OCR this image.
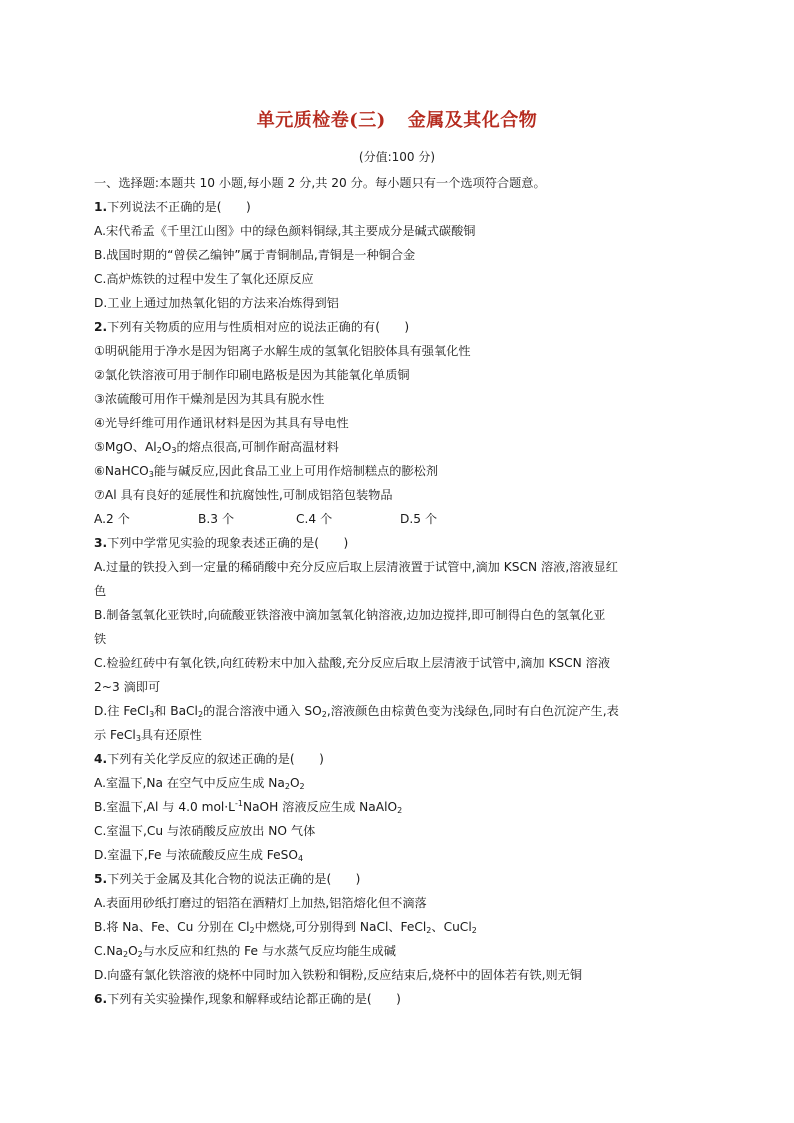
单元质检卷(三) 金属及其化合物
(分值:100 分)
一、选择题:本题共 10 小题,每小题 2 分,共 20 分。每小题只有一个选项符合题意。
1.下列说法不正确的是(　　)
A.宋代希孟《千里江山图》中的绿色颜料铜绿,其主要成分是碱式碳酸铜
B.战国时期的“曾侯乙编钟”属于青铜制品,青铜是一种铜合金
C.高炉炼铁的过程中发生了氧化还原反应
D.工业上通过加热氧化铝的方法来冶炼得到铝
2.下列有关物质的应用与性质相对应的说法正确的有(　　)
①明矾能用于净水是因为铝离子水解生成的氢氧化铝胶体具有强氧化性
②氯化铁溶液可用于制作印刷电路板是因为其能氧化单质铜
③浓硫酸可用作干燥剂是因为其具有脱水性
④光导纤维可用作通讯材料是因为其具有导电性
⑤MgO、$Al_2O_3$的熔点很高,可制作耐高温材料
⑥NaHCO$_3$能与碱反应,因此食品工业上可用作焙制糕点的膨松剂
⑦Al 具有良好的延展性和抗腐蚀性,可制成铝箔包装物品
A.2 个	B.3 个	C.4 个	D.5 个
3.下列中学常见实验的现象表述正确的是(　　)
A.过量的铁投入到一定量的稀硝酸中充分反应后取上层清液置于试管中,滴加 KSCN 溶液,溶液显红
色
B.制备氢氧化亚铁时,向硫酸亚铁溶液中滴加氢氧化钠溶液,边加边搅拌,即可制得白色的氢氧化亚
铁
C.检验红砖中有氧化铁,向红砖粉末中加入盐酸,充分反应后取上层清液于试管中,滴加 KSCN 溶液
2~3 滴即可
D.往 FeCl$_3$和 BaCl$_2$的混合溶液中通入 $SO_2$,溶液颜色由棕黄色变为浅绿色,同时有白色沉淀产生,表
示 FeCl$_3$具有还原性
4.下列有关化学反应的叙述正确的是(　　)
A.室温下,Na 在空气中反应生成 $Na_2O_2$
B.室温下,Al 与 4.0 $mol\cdot L^{-1}NaOH$ 溶液反应生成 NaAlO$_2$
C.室温下,Cu 与浓硝酸反应放出 NO 气体
D.室温下,Fe 与浓硫酸反应生成 FeSO$_4$
5.下列关于金属及其化合物的说法正确的是(　　)
A.表面用砂纸打磨过的铝箔在酒精灯上加热,铝箔熔化但不滴落
B.将 Na、Fe、Cu 分别在 $Cl_2$中燃烧,可分别得到 NaCl、FeCl$_2$、CuCl$_2$
$C.Na_2O_2$与水反应和红热的 Fe 与水蒸气反应均能生成碱
D.向盛有氯化铁溶液的烧杯中同时加入铁粉和铜粉,反应结束后,烧杯中的固体若有铁,则无铜
6.下列有关实验操作,现象和解释或结论都正确的是(　　)
